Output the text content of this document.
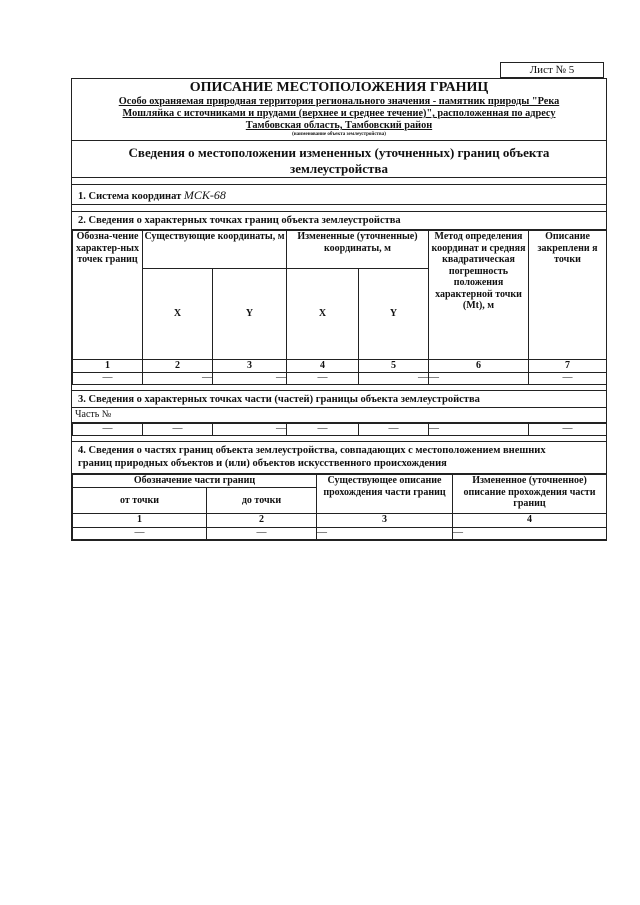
Лист № 5
ОПИСАНИЕ МЕСТОПОЛОЖЕНИЯ ГРАНИЦ
Особо охраняемая природная территория регионального значения - памятник природы "Река
Мошляйка с источниками и прудами (верхнее и среднее течение)", расположенная по адресу
Тамбовская область, Тамбовский район
(наименование объекта землеустройства)
Сведения о местоположении измененных (уточненных) границ объекта
землеустройства
1. Система координат МСК-68
2. Сведения о характерных точках границ объекта землеустройства
Обозна-чение характер-ных точек границ	Существующие координаты, м		Измененные (уточненные) координаты, м		Метод определения координат и средняя квадратическая погрешность положения характерной точки (Mt), м	Описание закреплени я точки
	X	Y	X	Y		
1	2	3	4	5	6	7
—	—	—	—	—	—	—
3. Сведения о характерных точках части (частей) границы объекта землеустройства
Часть №
—	—	—	—	—	—	—
4. Сведения о частях границ объекта землеустройства, совпадающих с местоположением внешних
границ природных объектов и (или) объектов искусственного происхождения
Обозначение части границ		Существующее описание прохождения части границ	Измененное (уточненное) описание прохождения части границ
от точки	до точки		
1	2	3	4
—	—	—	—
